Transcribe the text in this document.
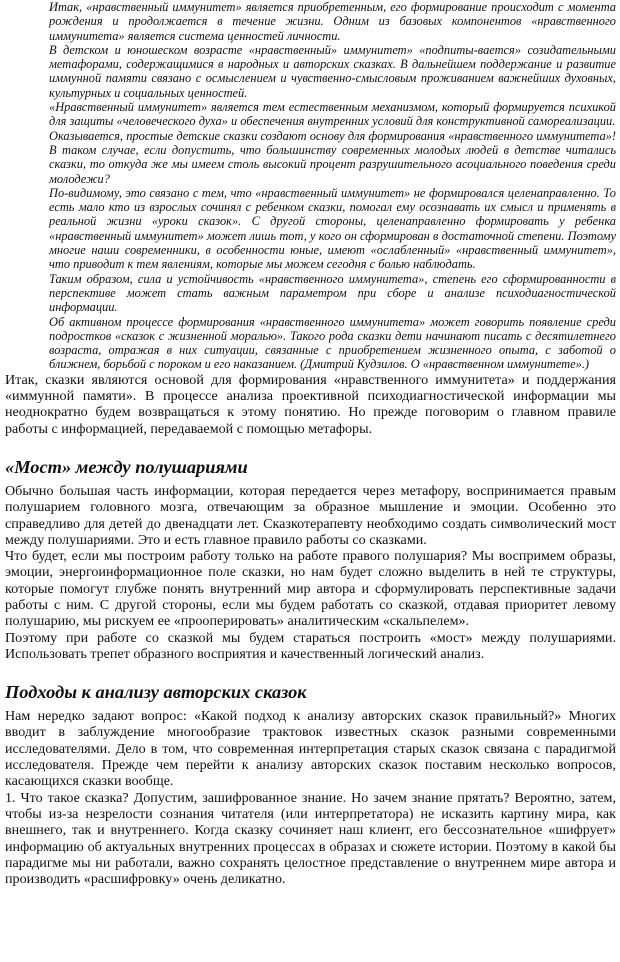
Итак, «нравственный иммунитет» является приобретенным, его формирование происходит с момента рождения и продолжается в течение жизни. Одним из базовых компонентов «нравственного иммунитета» является система ценностей личности.

В детском и юношеском возрасте «нравственный» иммунитет» «подпиты-вается» созидательными метафорами, содержащимися в народных и авторских сказках. В дальнейшем поддержание и развитие иммунной памяти связано с осмыслением и чувственно-смысловым проживанием важнейших духовных, культурных и социальных ценностей.

«Нравственный иммунитет» является тем естественным механизмом, который формируется психикой для защиты «человеческого духа» и обеспечения внутренних условий для конструктивной самореализации.

Оказывается, простые детские сказки создают основу для формирования «нравственного иммунитета»! В таком случае, если допустить, что большинству современных молодых людей в детстве читались сказки, то откуда же мы имеем столь высокий процент разрушительного асоциального поведения среди молодежи?

По-видимому, это связано с тем, что «нравственный иммунитет» не формировался целенаправленно. То есть мало кто из взрослых сочинял с ребенком сказки, помогал ему осознавать их смысл и применять в реальной жизни «уроки сказок». С другой стороны, целенаправленно формировать у ребенка «нравственный иммунитет» может лишь тот, у кого он сформирован в достаточной степени. Поэтому многие наши современники, в особенности юные, имеют «ослабленный» «нравственный иммунитет», что приводит к тем явлениям, которые мы можем сегодня с болью наблюдать.

Таким образом, сила и устойчивость «нравственного иммунитета», степень его сформированности в перспективе может стать важным параметром при сборе и анализе психодиагностической информации.

Об активном процессе формирования «нравственного иммунитета» может говорить появление среди подростков «сказок с жизненной моралью». Такого рода сказки дети начинают писать с десятилетнего возраста, отражая в них ситуации, связанные с приобретением жизненного опыта, с заботой о ближнем, борьбой с пороком и его наказанием. (Дмитрий Кудзилов. О «нравственном иммунитете».)

Итак, сказки являются основой для формирования «нравственного иммунитета» и поддержания «иммунной памяти». В процессе анализа проективной психодиагностической информации мы неоднократно будем возвращаться к этому понятию. Но прежде поговорим о главном правиле работы с информацией, передаваемой с помощью метафоры.

«Мост» между полушариями

Обычно большая часть информации, которая передается через метафору, воспринимается правым полушарием головного мозга, отвечающим за образное мышление и эмоции. Особенно это справедливо для детей до двенадцати лет. Сказкотерапевту необходимо создать символический мост между полушариями. Это и есть главное правило работы со сказками.

Что будет, если мы построим работу только на работе правого полушария? Мы воспримем образы, эмоции, энергоинформационное поле сказки, но нам будет сложно выделить в ней те структуры, которые помогут глубже понять внутренний мир автора и сформулировать перспективные задачи работы с ним. С другой стороны, если мы будем работать со сказкой, отдавая приоритет левому полушарию, мы рискуем ее «прооперировать» аналитическим «скальпелем».

Поэтому при работе со сказкой мы будем стараться построить «мост» между полушариями. Использовать трепет образного восприятия и качественный логический анализ.

Подходы к анализу авторских сказок

Нам нередко задают вопрос: «Какой подход к анализу авторских сказок правильный?» Многих вводит в заблуждение многообразие трактовок известных сказок разными современными исследователями. Дело в том, что современная интерпретация старых сказок связана с парадигмой исследователя. Прежде чем перейти к анализу авторских сказок поставим несколько вопросов, касающихся сказки вообще.

1. Что такое сказка? Допустим, зашифрованное знание. Но зачем знание прятать? Вероятно, затем, чтобы из-за незрелости сознания читателя (или интерпретатора) не исказить картину мира, как внешнего, так и внутреннего. Когда сказку сочиняет наш клиент, его бессознательное «шифрует» информацию об актуальных внутренних процессах в образах и сюжете истории. Поэтому в какой бы парадигме мы ни работали, важно сохранять целостное представление о внутреннем мире автора и производить «расшифровку» очень деликатно.
